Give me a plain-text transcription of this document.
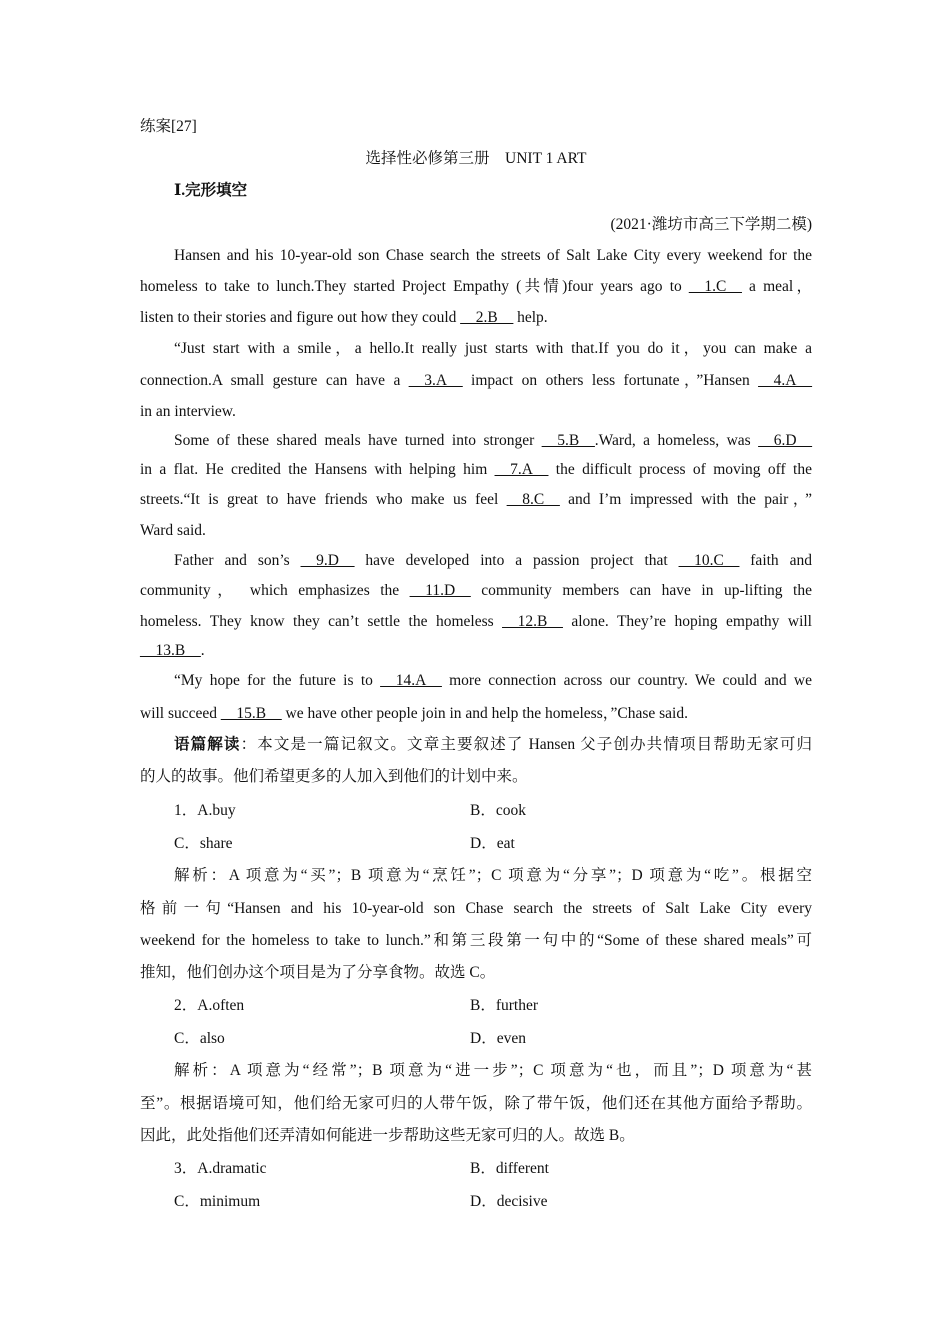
练案[27]
选择性必修第三册　UNIT 1 ART
Ⅰ.完形填空
(2021·潍坊市高三下学期二模)
Hansen and his 10-year-old son Chase search the streets of Salt Lake City every weekend for the
homeless to take to lunch.They started Project Empathy (共情)four years ago to __1.C__ a meal，
listen to their stories and figure out how they could __2.B__ help.
“Just start with a smile，a hello.It really just starts with that.If you do it，you can make a
connection.A small gesture can have a __3.A__ impact on others less fortunate，”Hansen __4.A__
in an interview.
Some of these shared meals have turned into stronger __5.B__.Ward, a homeless, was __6.D__
in a flat. He credited the Hansens with helping him __7.A__ the difficult process of moving off the
streets.“It is great to have friends who make us feel __8.C__ and I’m impressed with the pair，”
Ward said.
Father and son’s __9.D__ have developed into a passion project that __10.C__ faith and
community， which emphasizes the __11.D__ community members can have in up-lifting the
homeless. They know they can’t settle the homeless __12.B__ alone. They’re hoping empathy will
__13.B__.
“My hope for the future is to __14.A__ more connection across our country. We could and we
will succeed __15.B__ we have other people join in and help the homeless，”Chase said.
语篇解读：本文是一篇记叙文。文章主要叙述了 Hansen 父子创办共情项目帮助无家可归
的人的故事。他们希望更多的人加入到他们的计划中来。
1．A.buy	B．cook
C．share	D．eat
解析：A 项意为“买”；B 项意为“烹饪”；C 项意为“分享”；D 项意为“吃”。根据空
格前一句“Hansen and his 10-year-old son Chase search the streets of Salt Lake City every
weekend for the homeless to take to lunch.”和第三段第一句中的“Some of these shared meals”可
推知，他们创办这个项目是为了分享食物。故选 C。
2．A.often	B．further
C．also	D．even
解析：A 项意为“经常”；B 项意为“进一步”；C 项意为“也，而且”；D 项意为“甚
至”。根据语境可知，他们给无家可归的人带午饭，除了带午饭，他们还在其他方面给予帮助。
因此，此处指他们还弄清如何能进一步帮助这些无家可归的人。故选 B。
3．A.dramatic	B．different
C．minimum	D．decisive
